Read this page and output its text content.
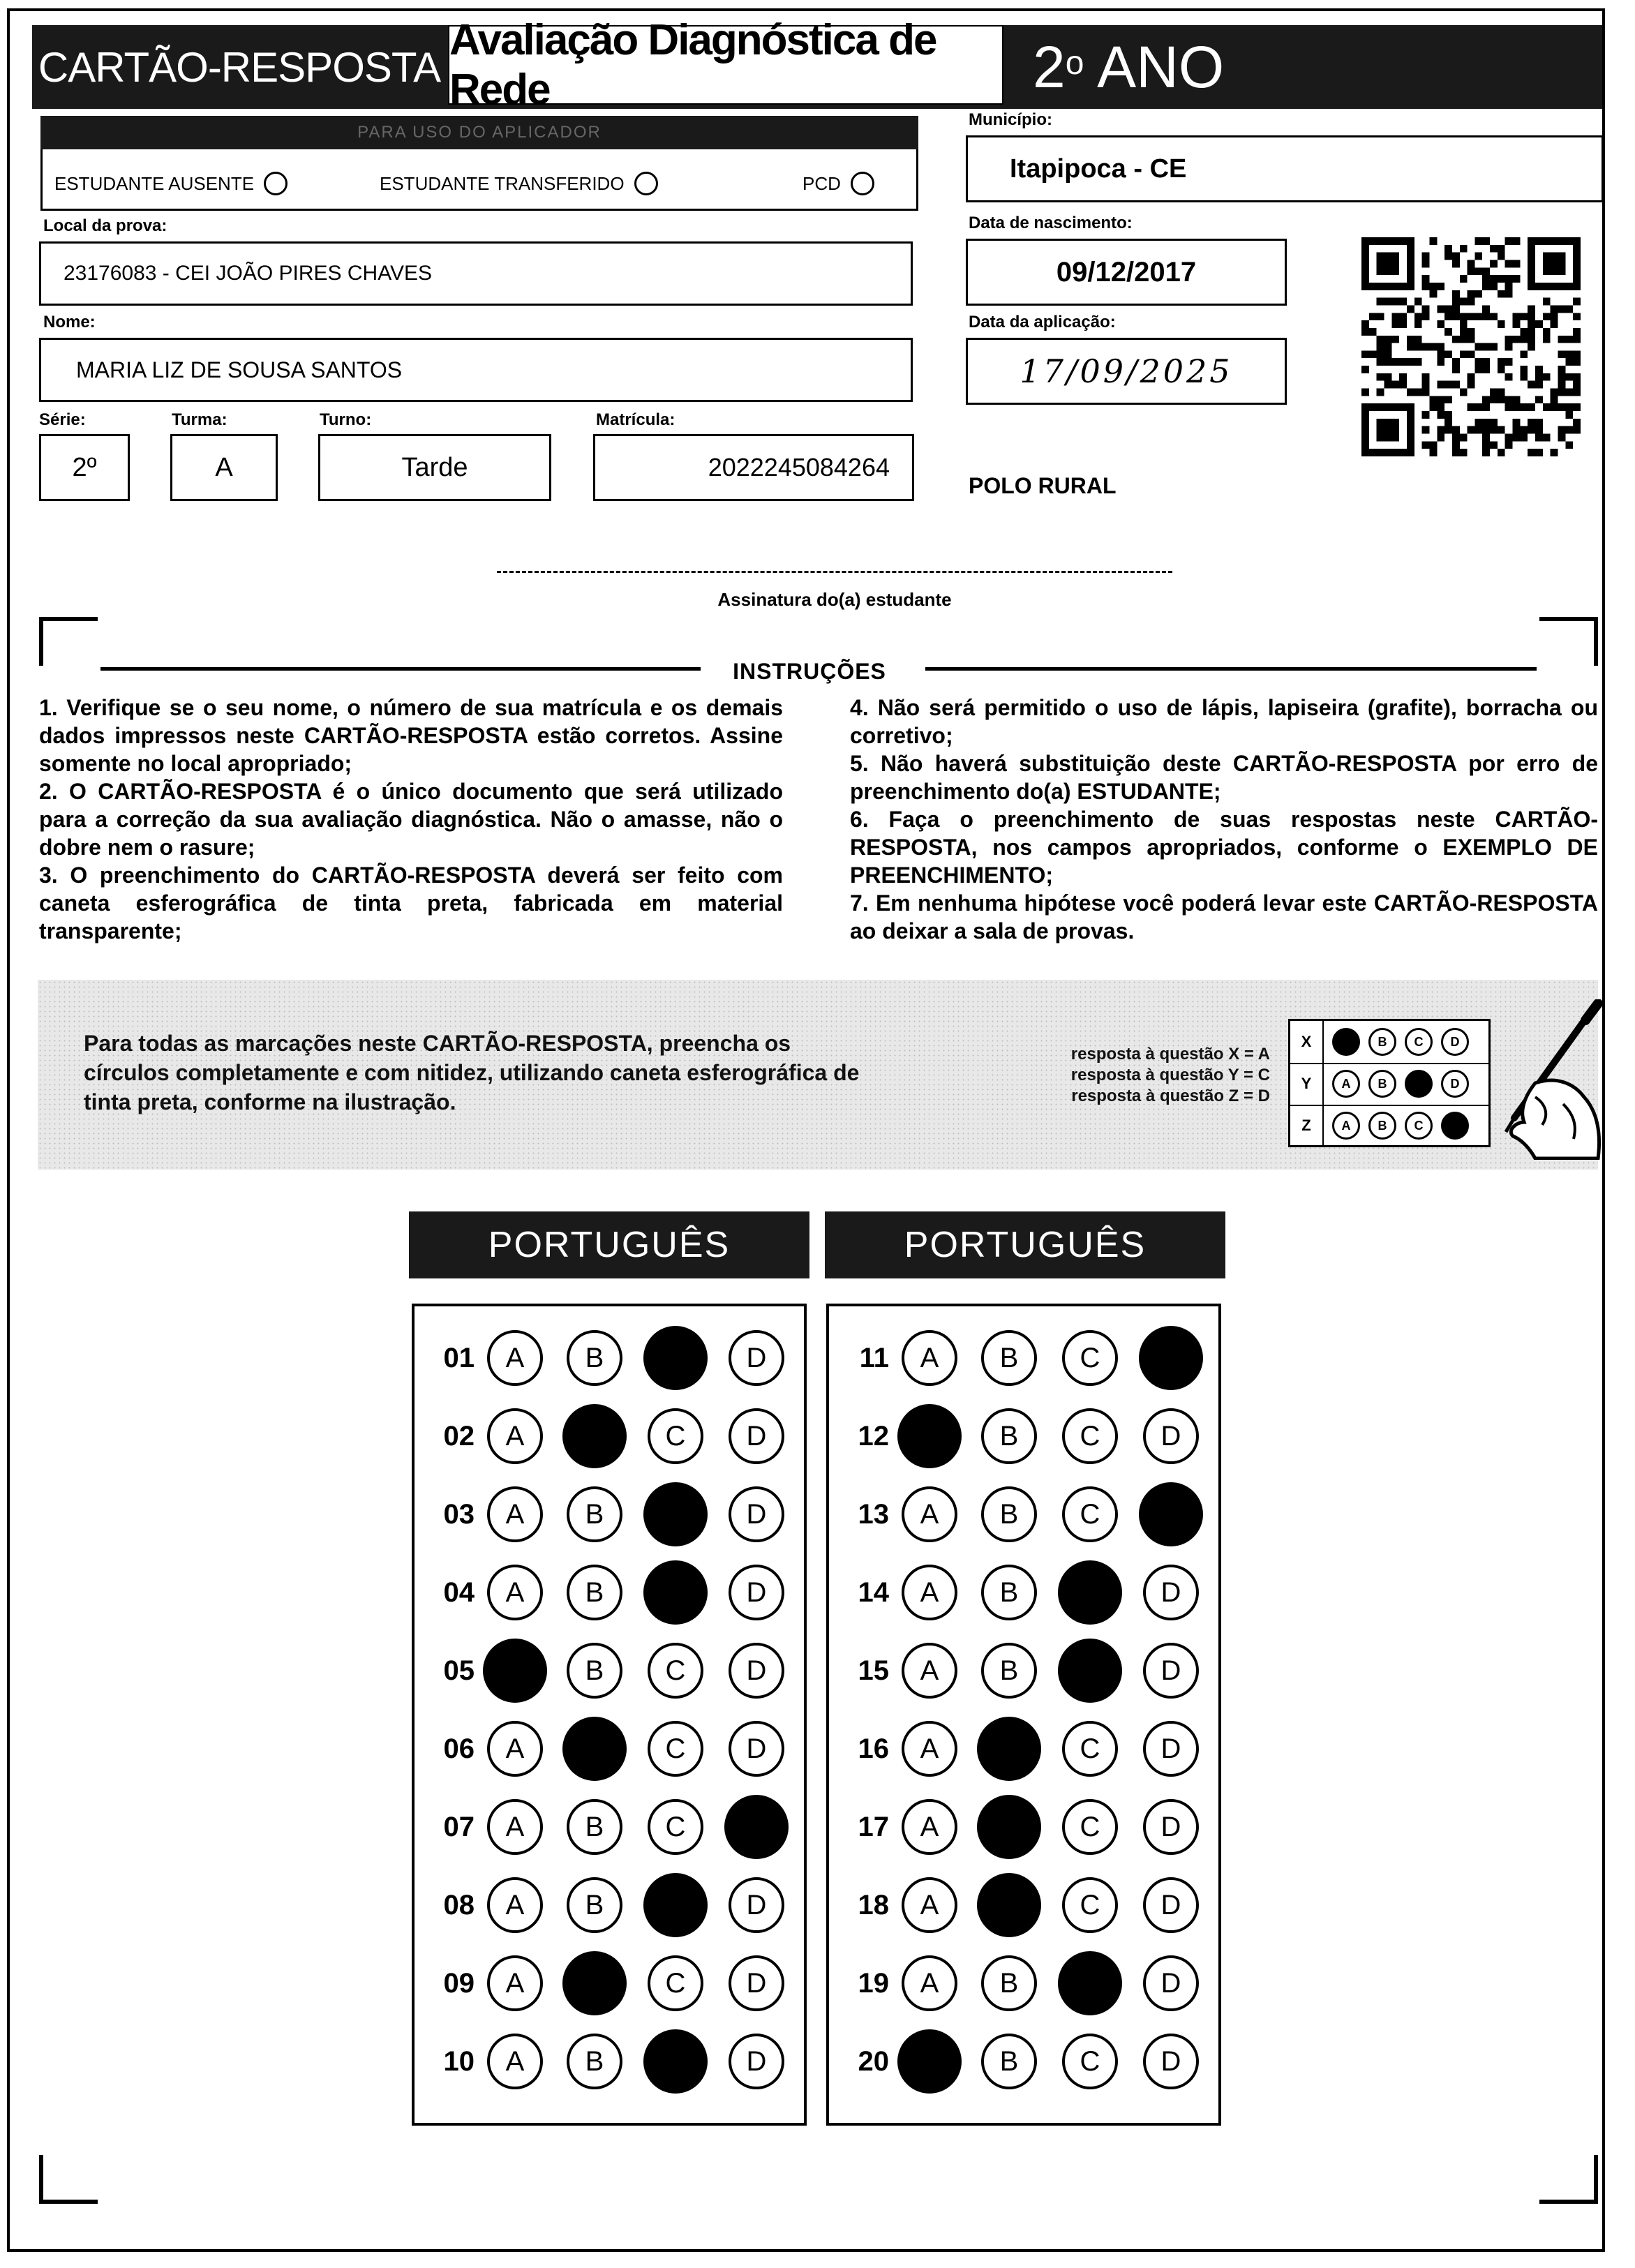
CARTÃO-RESPOSTA
Avaliação Diagnóstica de Rede	2$^o$ ANO
PARA USO DO APLICADOR
ESTUDANTE AUSENTE	ESTUDANTE TRANSFERIDO	PCD
Local da prova:
23176083 - CEI JOÃO PIRES CHAVES
Nome:
MARIA LIZ DE SOUSA SANTOS
Série:
2º
Turma:
A
Turno:
Tarde
Matrícula:
2022245084264
Município:
Itapipoca - CE
Data de nascimento:
09/12/2017
Data da aplicação:
17/09/2025
POLO RURAL
Assinatura do(a) estudante
INSTRUÇÕES

1. Verifique se o seu nome, o número de sua matrícula e os demais dados impressos neste CARTÃO-RESPOSTA estão corretos. Assine somente no local apropriado;

2. O CARTÃO-RESPOSTA é o único documento que será utilizado para a correção da sua avaliação diagnóstica. Não o amasse, não o dobre nem o rasure;

3. O preenchimento do CARTÃO-RESPOSTA deverá ser feito com caneta esferográfica de tinta preta, fabricada em material transparente;

4. Não será permitido o uso de lápis, lapiseira (grafite), borracha ou corretivo;

5. Não haverá substituição deste CARTÃO-RESPOSTA por erro de preenchimento do(a) ESTUDANTE;

6. Faça o preenchimento de suas respostas neste CARTÃO-RESPOSTA, nos campos apropriados, conforme o EXEMPLO DE PREENCHIMENTO;

7. Em nenhuma hipótese você poderá levar este CARTÃO-RESPOSTA ao deixar a sala de provas.

Para todas as marcações neste CARTÃO-RESPOSTA, preencha os círculos completamente e com nitidez, utilizando caneta esferográfica de tinta preta, conforme na ilustração.
resposta à questão X = A
resposta à questão Y = C
resposta à questão Z = D
X	A	B	C	D
Y	A	B	C	D
Z	A	B	C	D
PORTUGUÊS	PORTUGUÊS
01	A	B	C	D
02	A	B	C	D
03	A	B	C	D
04	A	B	C	D
05	A	B	C	D
06	A	B	C	D
07	A	B	C	D
08	A	B	C	D
09	A	B	C	D
10	A	B	C	D
11	A	B	C	D
12	A	B	C	D
13	A	B	C	D
14	A	B	C	D
15	A	B	C	D
16	A	B	C	D
17	A	B	C	D
18	A	B	C	D
19	A	B	C	D
20	A	B	C	D
